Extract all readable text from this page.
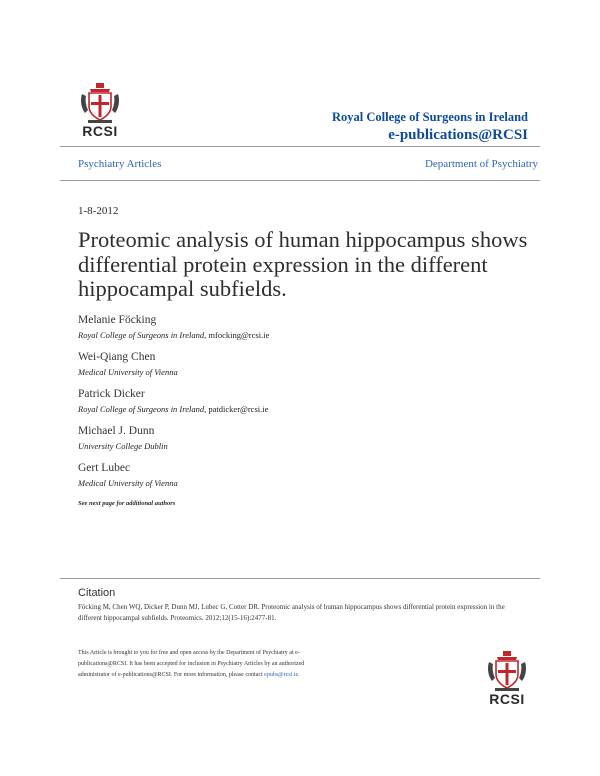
RCSI
Royal College of Surgeons in Ireland
e-publications@RCSI
Psychiatry Articles	Department of Psychiatry
1-8-2012
Proteomic analysis of human hippocampus shows differential protein expression in the different hippocampal subfields.
Melanie Föcking
Royal College of Surgeons in Ireland, mfocking@rcsi.ie
Wei-Qiang Chen
Medical University of Vienna
Patrick Dicker
Royal College of Surgeons in Ireland, patdicker@rcsi.ie
Michael J. Dunn
University College Dublin
Gert Lubec
Medical University of Vienna
See next page for additional authors
Citation
Föcking M, Chen WQ, Dicker P, Dunn MJ, Lubec G, Cotter DR. Proteomic analysis of human hippocampus shows differential protein expression in the different hippocampal subfields. Proteomics. 2012;12(15-16):2477-81.
This Article is brought to you for free and open access by the Department of Psychiatry at e-publications@RCSI. It has been accepted for inclusion in Psychiatry Articles by an authorized administrator of e-publications@RCSI. For more information, please contact epubs@rcsi.ie.
RCSI
